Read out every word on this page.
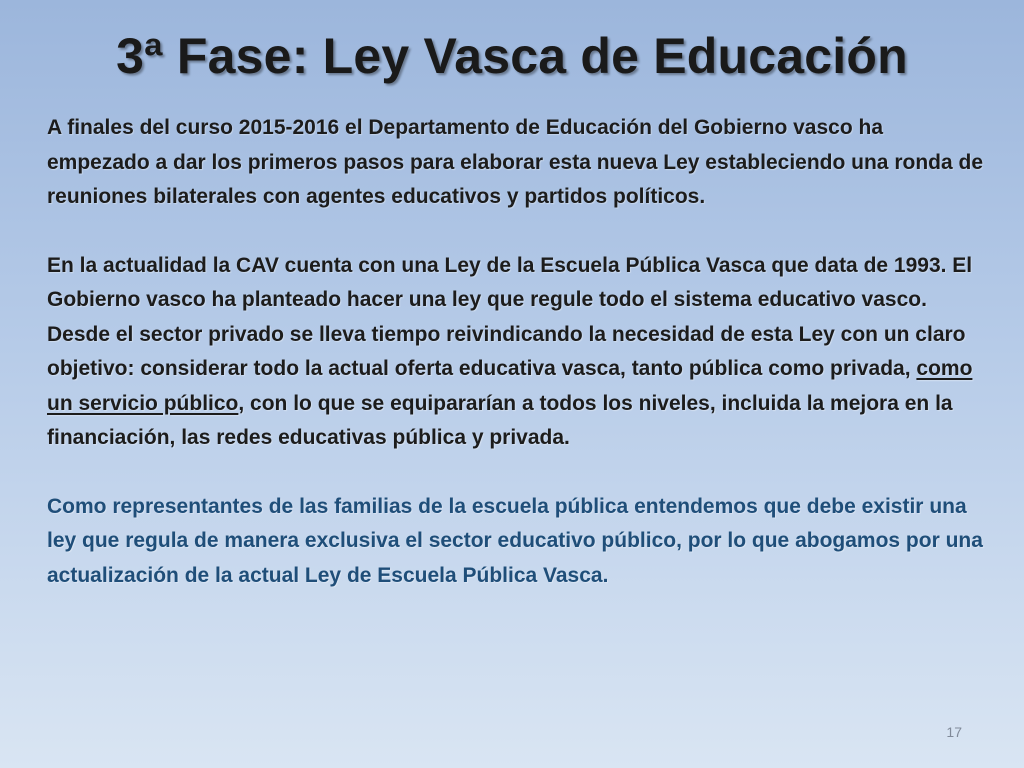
3ª Fase: Ley Vasca de Educación

A finales del curso 2015-2016 el Departamento de Educación del Gobierno vasco ha empezado a dar los primeros pasos para elaborar esta nueva Ley estableciendo una ronda de reuniones bilaterales con agentes educativos y partidos políticos.

En la actualidad la CAV cuenta con una Ley de la Escuela Pública Vasca que data de 1993. El Gobierno vasco ha planteado hacer una ley que regule todo el sistema educativo vasco. Desde el sector privado se lleva tiempo reivindicando la necesidad de esta Ley con un claro objetivo: considerar todo la actual oferta educativa vasca, tanto pública como privada, como un servicio público, con lo que se equipararían a todos los niveles, incluida la mejora en la financiación, las redes educativas pública y privada.

Como representantes de las familias de la escuela pública entendemos que debe existir una ley que regula de manera exclusiva el sector educativo público, por lo que abogamos por una actualización de la actual Ley de Escuela Pública Vasca.

17
